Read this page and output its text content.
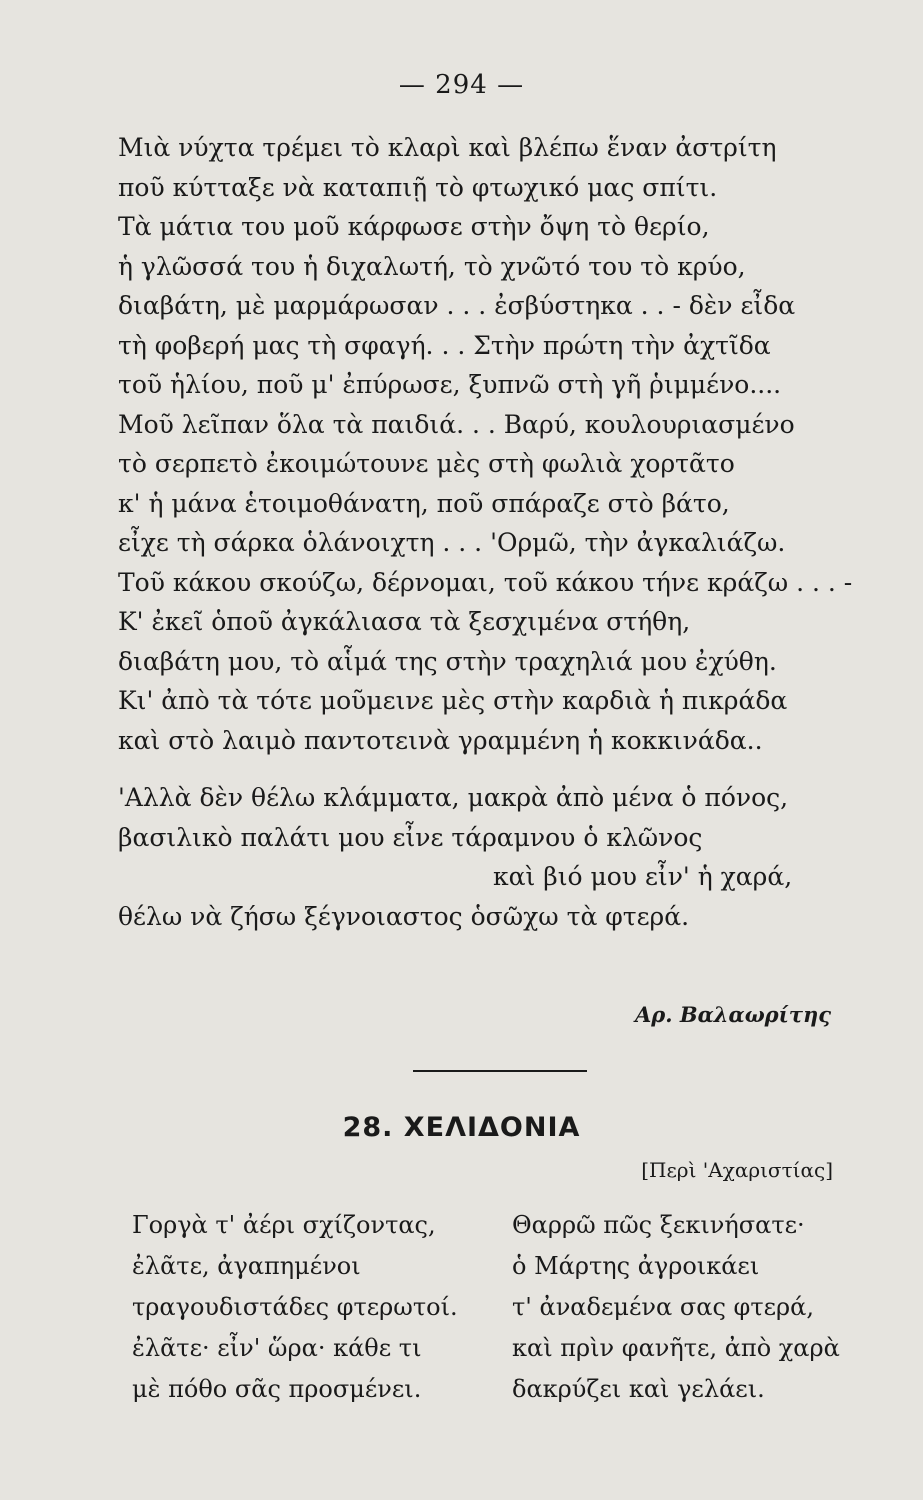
— 294 —
Μιὰ νύχτα τρέμει τὸ κλαρὶ καὶ βλέπω ἕναν ἀστρίτη
ποῦ κύτταξε νὰ καταπιῇ τὸ φτωχικό μας σπίτι.
Τὰ μάτια του μοῦ κάρφωσε στὴν ὄψη τὸ θερίο,
ἡ γλῶσσά του ἡ διχαλωτή, τὸ χνῶτό του τὸ κρύο,
διαβάτη, μὲ μαρμάρωσαν . . . ἐσβύστηκα . . - δὲν εἶδα
τὴ φοβερή μας τὴ σφαγή. . . Στὴν πρώτη τὴν ἀχτῖδα
τοῦ ἡλίου, ποῦ μ' ἐπύρωσε, ξυπνῶ στὴ γῆ ῥιμμένο....
Μοῦ λεῖπαν ὅλα τὰ παιδιά. . . Βαρύ, κουλουριασμένο
τὸ σερπετὸ ἐκοιμώτουνε μὲς στὴ φωλιὰ χορτᾶτο
κ' ἡ μάνα ἑτοιμοθάνατη, ποῦ σπάραζε στὸ βάτο,
εἶχε τὴ σάρκα ὁλάνοιχτη . . . 'Ορμῶ, τὴν ἀγκαλιάζω.
Τοῦ κάκου σκούζω, δέρνομαι, τοῦ κάκου τήνε κράζω . . . -
Κ' ἐκεῖ ὁποῦ ἀγκάλιασα τὰ ξεσχιμένα στήθη,
διαβάτη μου, τὸ αἷμά της στὴν τραχηλιά μου ἐχύθη.
Κι' ἀπὸ τὰ τότε μοῦμεινε μὲς στὴν καρδιὰ ἡ πικράδα
καὶ στὸ λαιμὸ παντοτεινὰ γραμμένη ἡ κοκκινάδα..
'Αλλὰ δὲν θέλω κλάμματα, μακρὰ ἀπὸ μένα ὁ πόνος,
βασιλικὸ παλάτι μου εἶνε τάραμνου ὁ κλῶνος
καὶ βιό μου εἶν' ἡ χαρά,
θέλω νὰ ζήσω ξέγνοιαστος ὁσῶχω τὰ φτερά.
Αρ. Βαλαωρίτης
28. ΧΕΛΙΔΟΝΙΑ
[Περὶ 'Αχαριστίας]
Γοργὰ τ' ἀέρι σχίζοντας,
ἐλᾶτε, ἀγαπημένοι
τραγουδιστάδες φτερωτοί.
ἐλᾶτε· εἶν' ὥρα· κάθε τι
μὲ πόθο σᾶς προσμένει.
Θαρρῶ πῶς ξεκινήσατε·
ὁ Μάρτης ἀγροικάει
τ' ἀναδεμένα σας φτερά,
καὶ πρὶν φανῆτε, ἀπὸ χαρὰ
δακρύζει καὶ γελάει.
